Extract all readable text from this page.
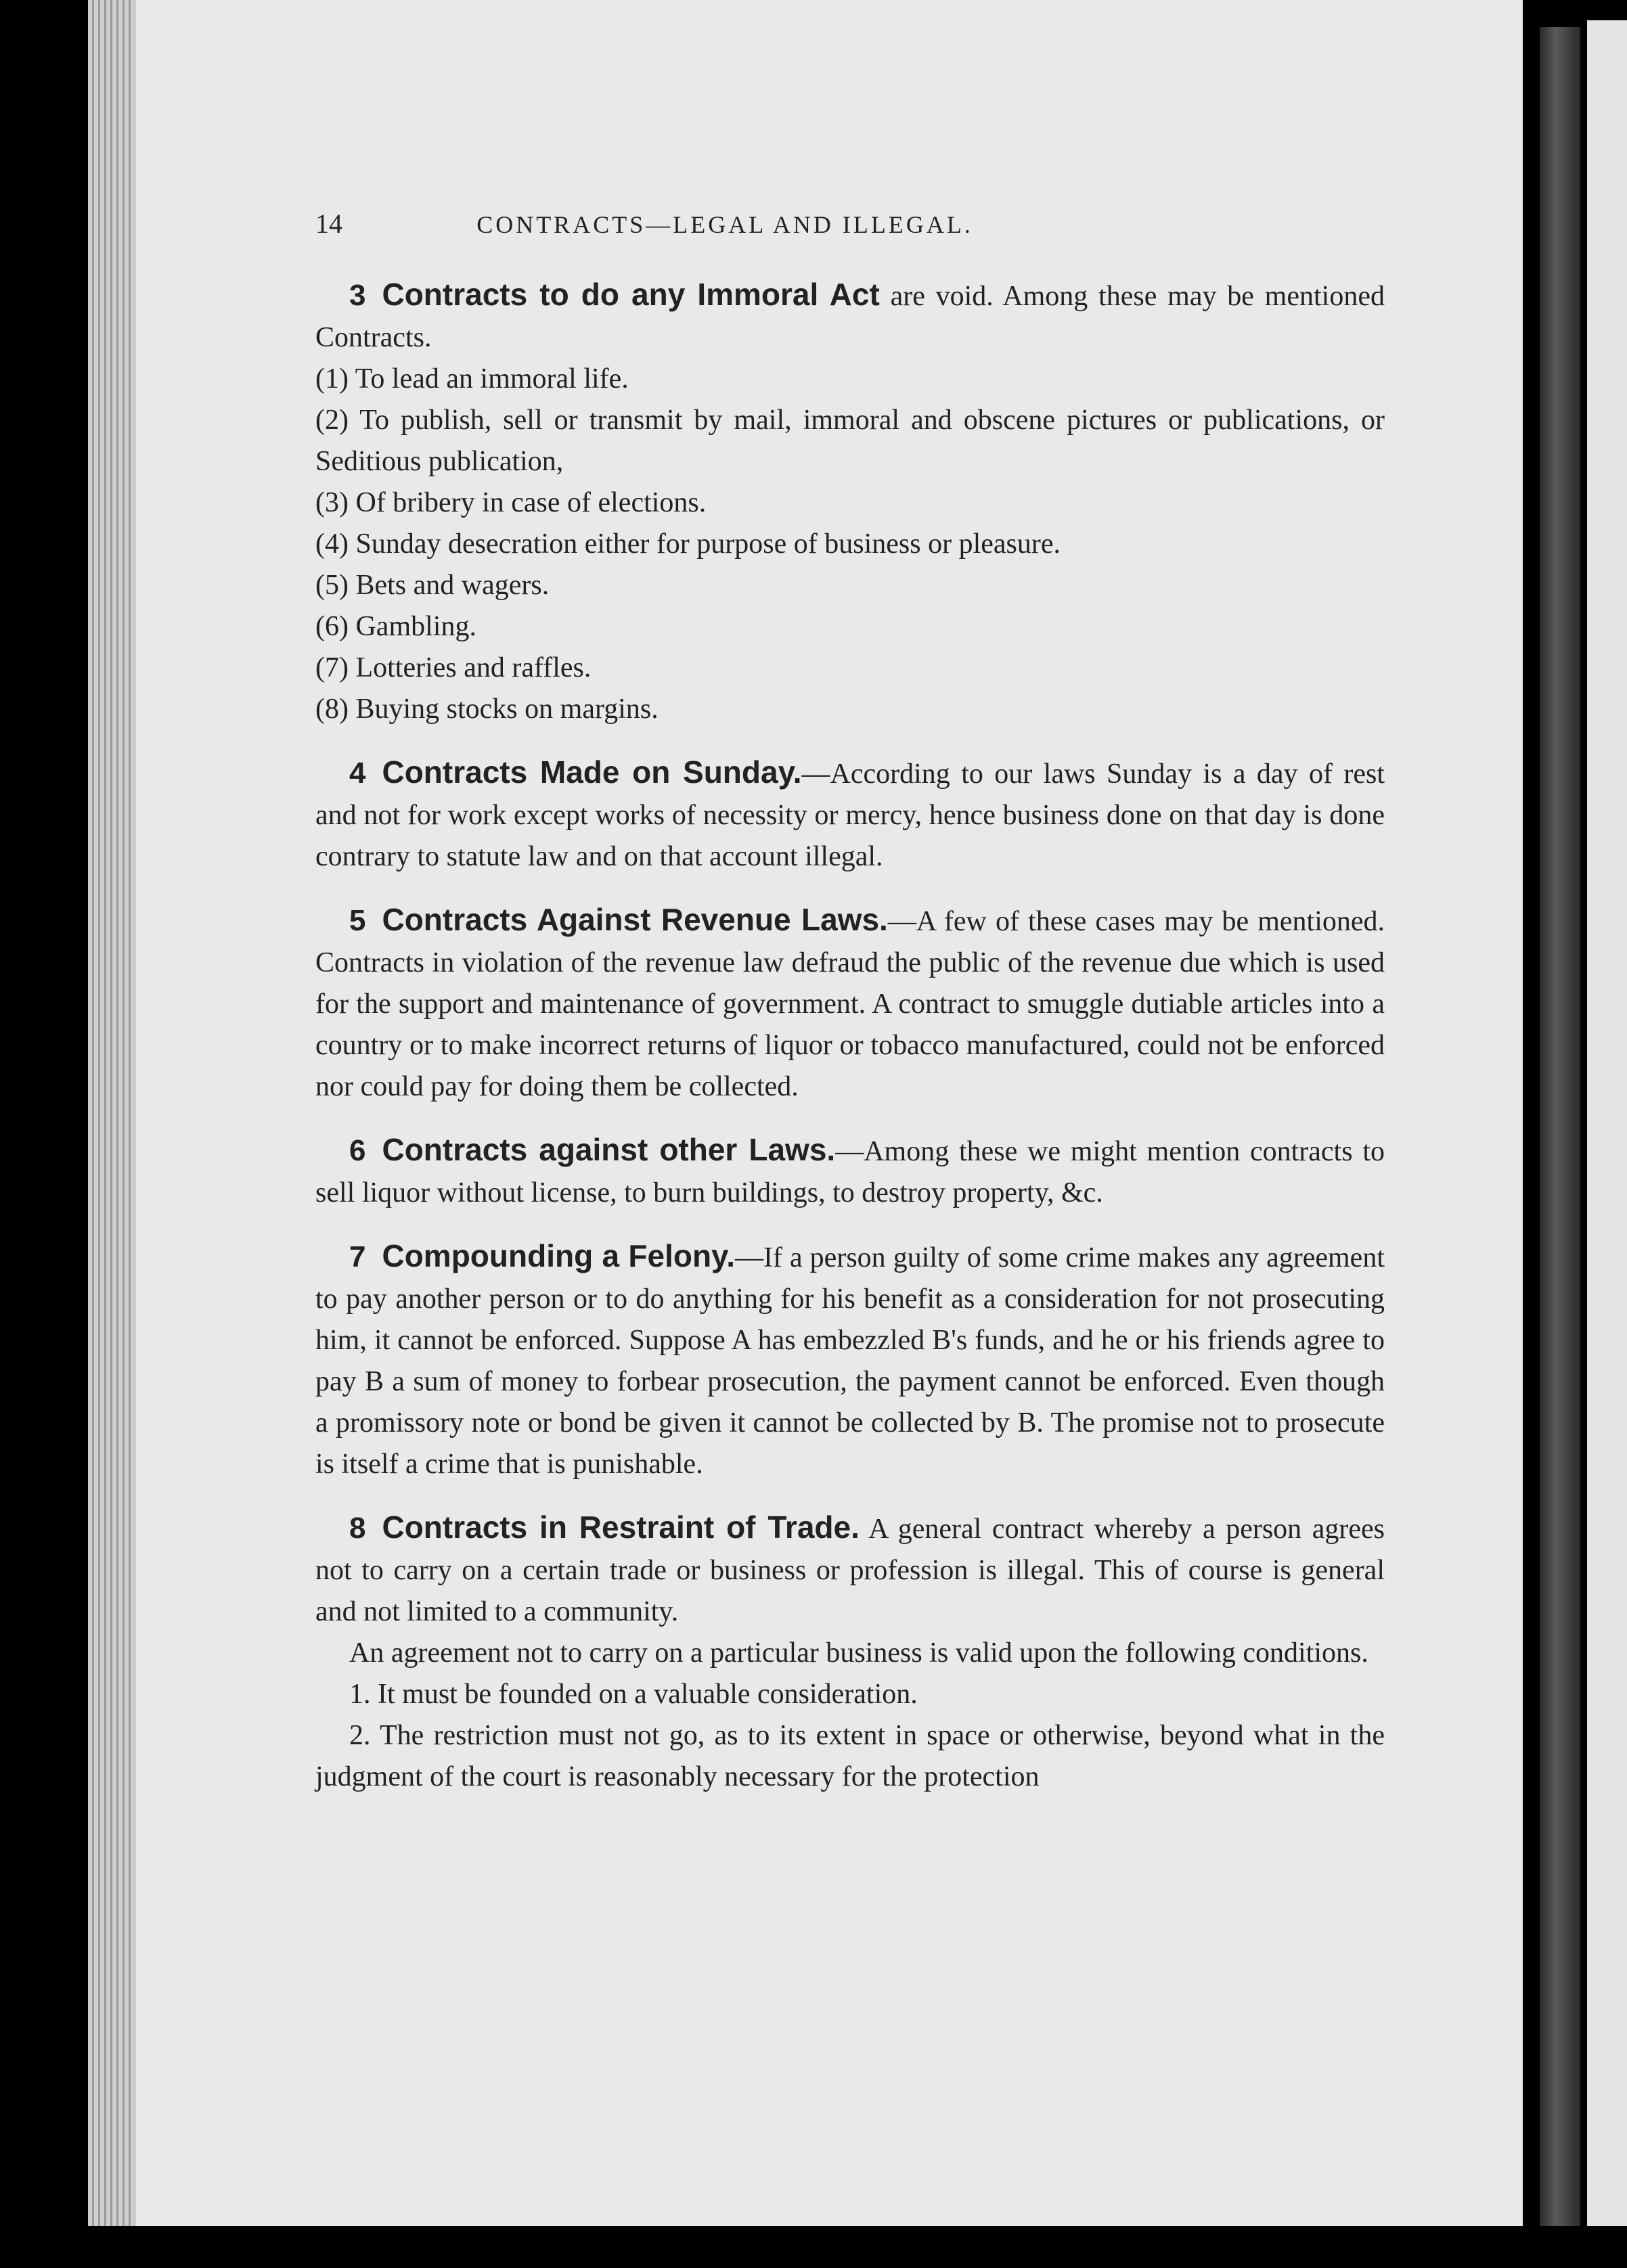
14	CONTRACTS—LEGAL AND ILLEGAL.

3 Contracts to do any Immoral Act are void. Among these may be mentioned Contracts.

(1) To lead an immoral life.

(2) To publish, sell or transmit by mail, immoral and obscene pictures or publications, or Seditious publication,

(3) Of bribery in case of elections.

(4) Sunday desecration either for purpose of business or pleasure.

(5) Bets and wagers.

(6) Gambling.

(7) Lotteries and raffles.

(8) Buying stocks on margins.

4 Contracts Made on Sunday.—According to our laws Sunday is a day of rest and not for work except works of necessity or mercy, hence business done on that day is done contrary to statute law and on that account illegal.

5 Contracts Against Revenue Laws.—A few of these cases may be mentioned. Contracts in violation of the revenue law defraud the public of the revenue due which is used for the support and maintenance of government. A contract to smuggle dutiable articles into a country or to make incorrect returns of liquor or tobacco manufactured, could not be enforced nor could pay for doing them be collected.

6 Contracts against other Laws.—Among these we might mention contracts to sell liquor without license, to burn buildings, to destroy property, &c.

7 Compounding a Felony.—If a person guilty of some crime makes any agreement to pay another person or to do anything for his benefit as a consideration for not prosecuting him, it cannot be enforced. Suppose A has embezzled B's funds, and he or his friends agree to pay B a sum of money to forbear prosecution, the payment cannot be enforced. Even though a promissory note or bond be given it cannot be collected by B. The promise not to prosecute is itself a crime that is punishable.

8 Contracts in Restraint of Trade. A general contract whereby a person agrees not to carry on a certain trade or business or profession is illegal. This of course is general and not limited to a community.

An agreement not to carry on a particular business is valid upon the following conditions.

1. It must be founded on a valuable consideration.

2. The restriction must not go, as to its extent in space or otherwise, beyond what in the judgment of the court is reasonably necessary for the protection
